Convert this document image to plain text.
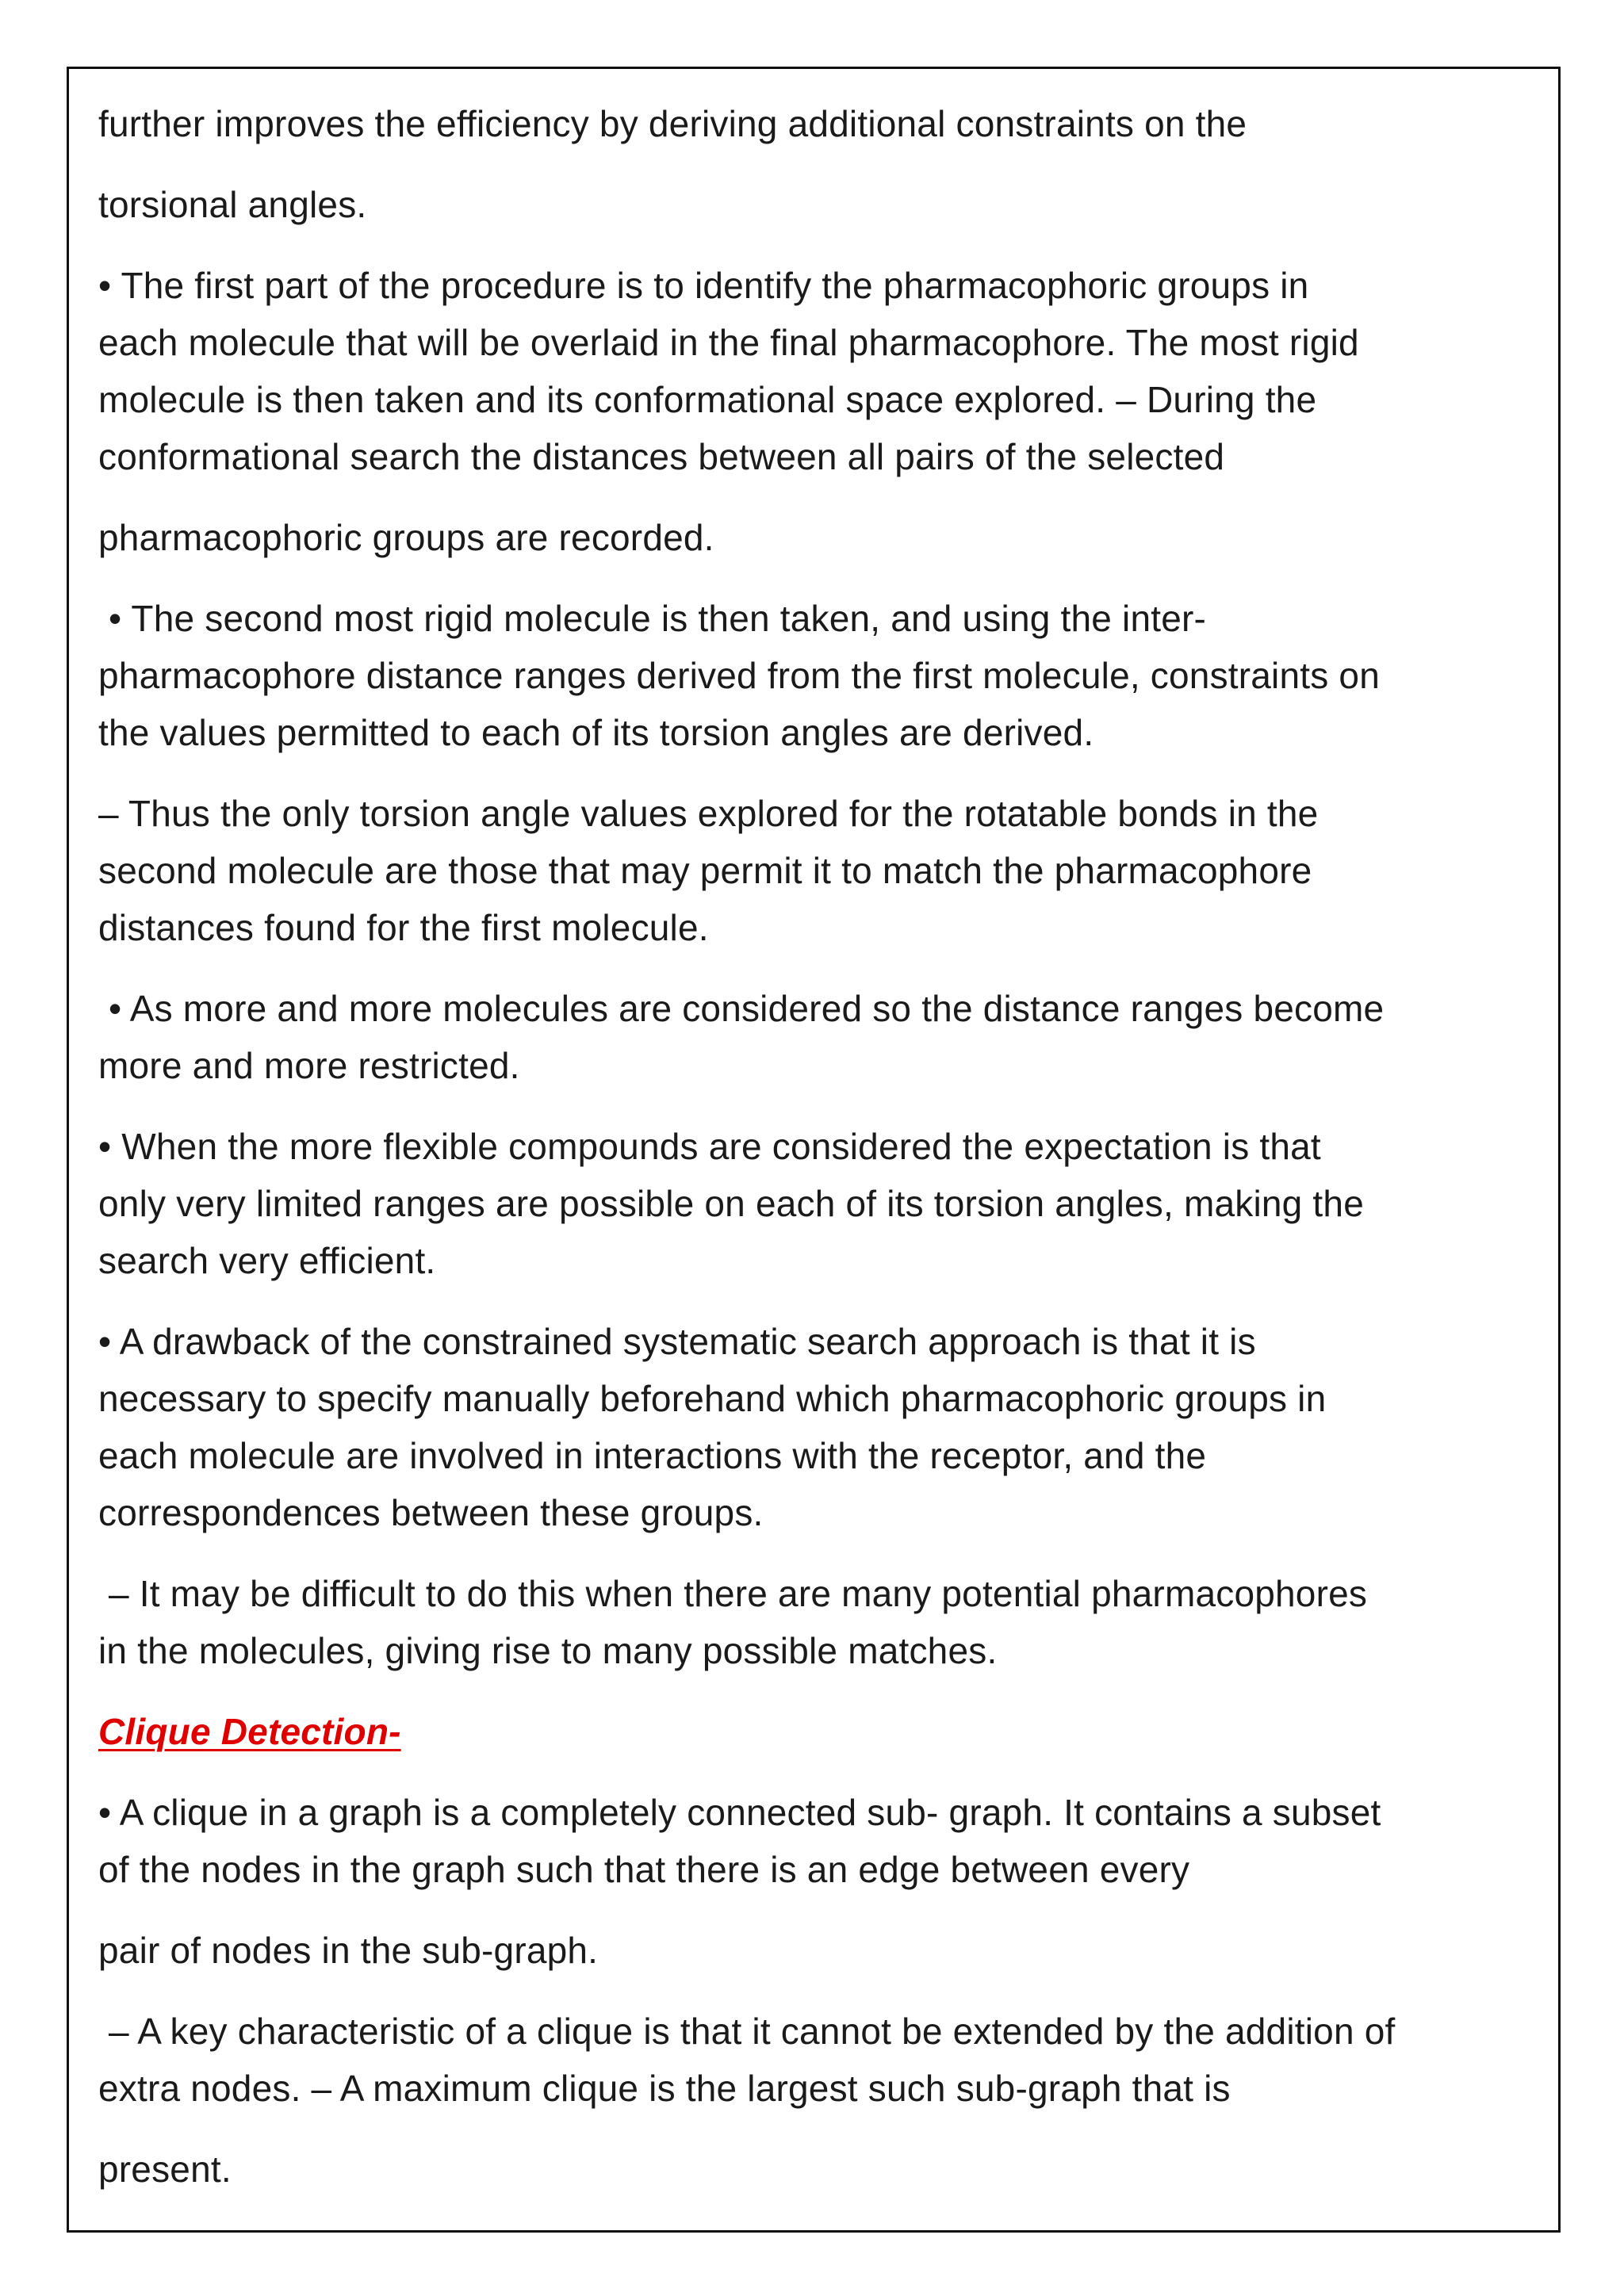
further improves the efficiency by deriving additional constraints on the
torsional angles.
• The first part of the procedure is to identify the pharmacophoric groups in
each molecule that will be overlaid in the final pharmacophore. The most rigid
molecule is then taken and its conformational space explored. – During the
conformational search the distances between all pairs of the selected
pharmacophoric groups are recorded.
• The second most rigid molecule is then taken, and using the inter-
pharmacophore distance ranges derived from the first molecule, constraints on
the values permitted to each of its torsion angles are derived.
– Thus the only torsion angle values explored for the rotatable bonds in the
second molecule are those that may permit it to match the pharmacophore
distances found for the first molecule.
• As more and more molecules are considered so the distance ranges become
more and more restricted.
• When the more flexible compounds are considered the expectation is that
only very limited ranges are possible on each of its torsion angles, making the
search very efficient.
• A drawback of the constrained systematic search approach is that it is
necessary to specify manually beforehand which pharmacophoric groups in
each molecule are involved in interactions with the receptor, and the
correspondences between these groups.
– It may be difficult to do this when there are many potential pharmacophores
in the molecules, giving rise to many possible matches.
Clique Detection-
• A clique in a graph is a completely connected sub- graph. It contains a subset
of the nodes in the graph such that there is an edge between every
pair of nodes in the sub-graph.
– A key characteristic of a clique is that it cannot be extended by the addition of
extra nodes. – A maximum clique is the largest such sub-graph that is
present.
